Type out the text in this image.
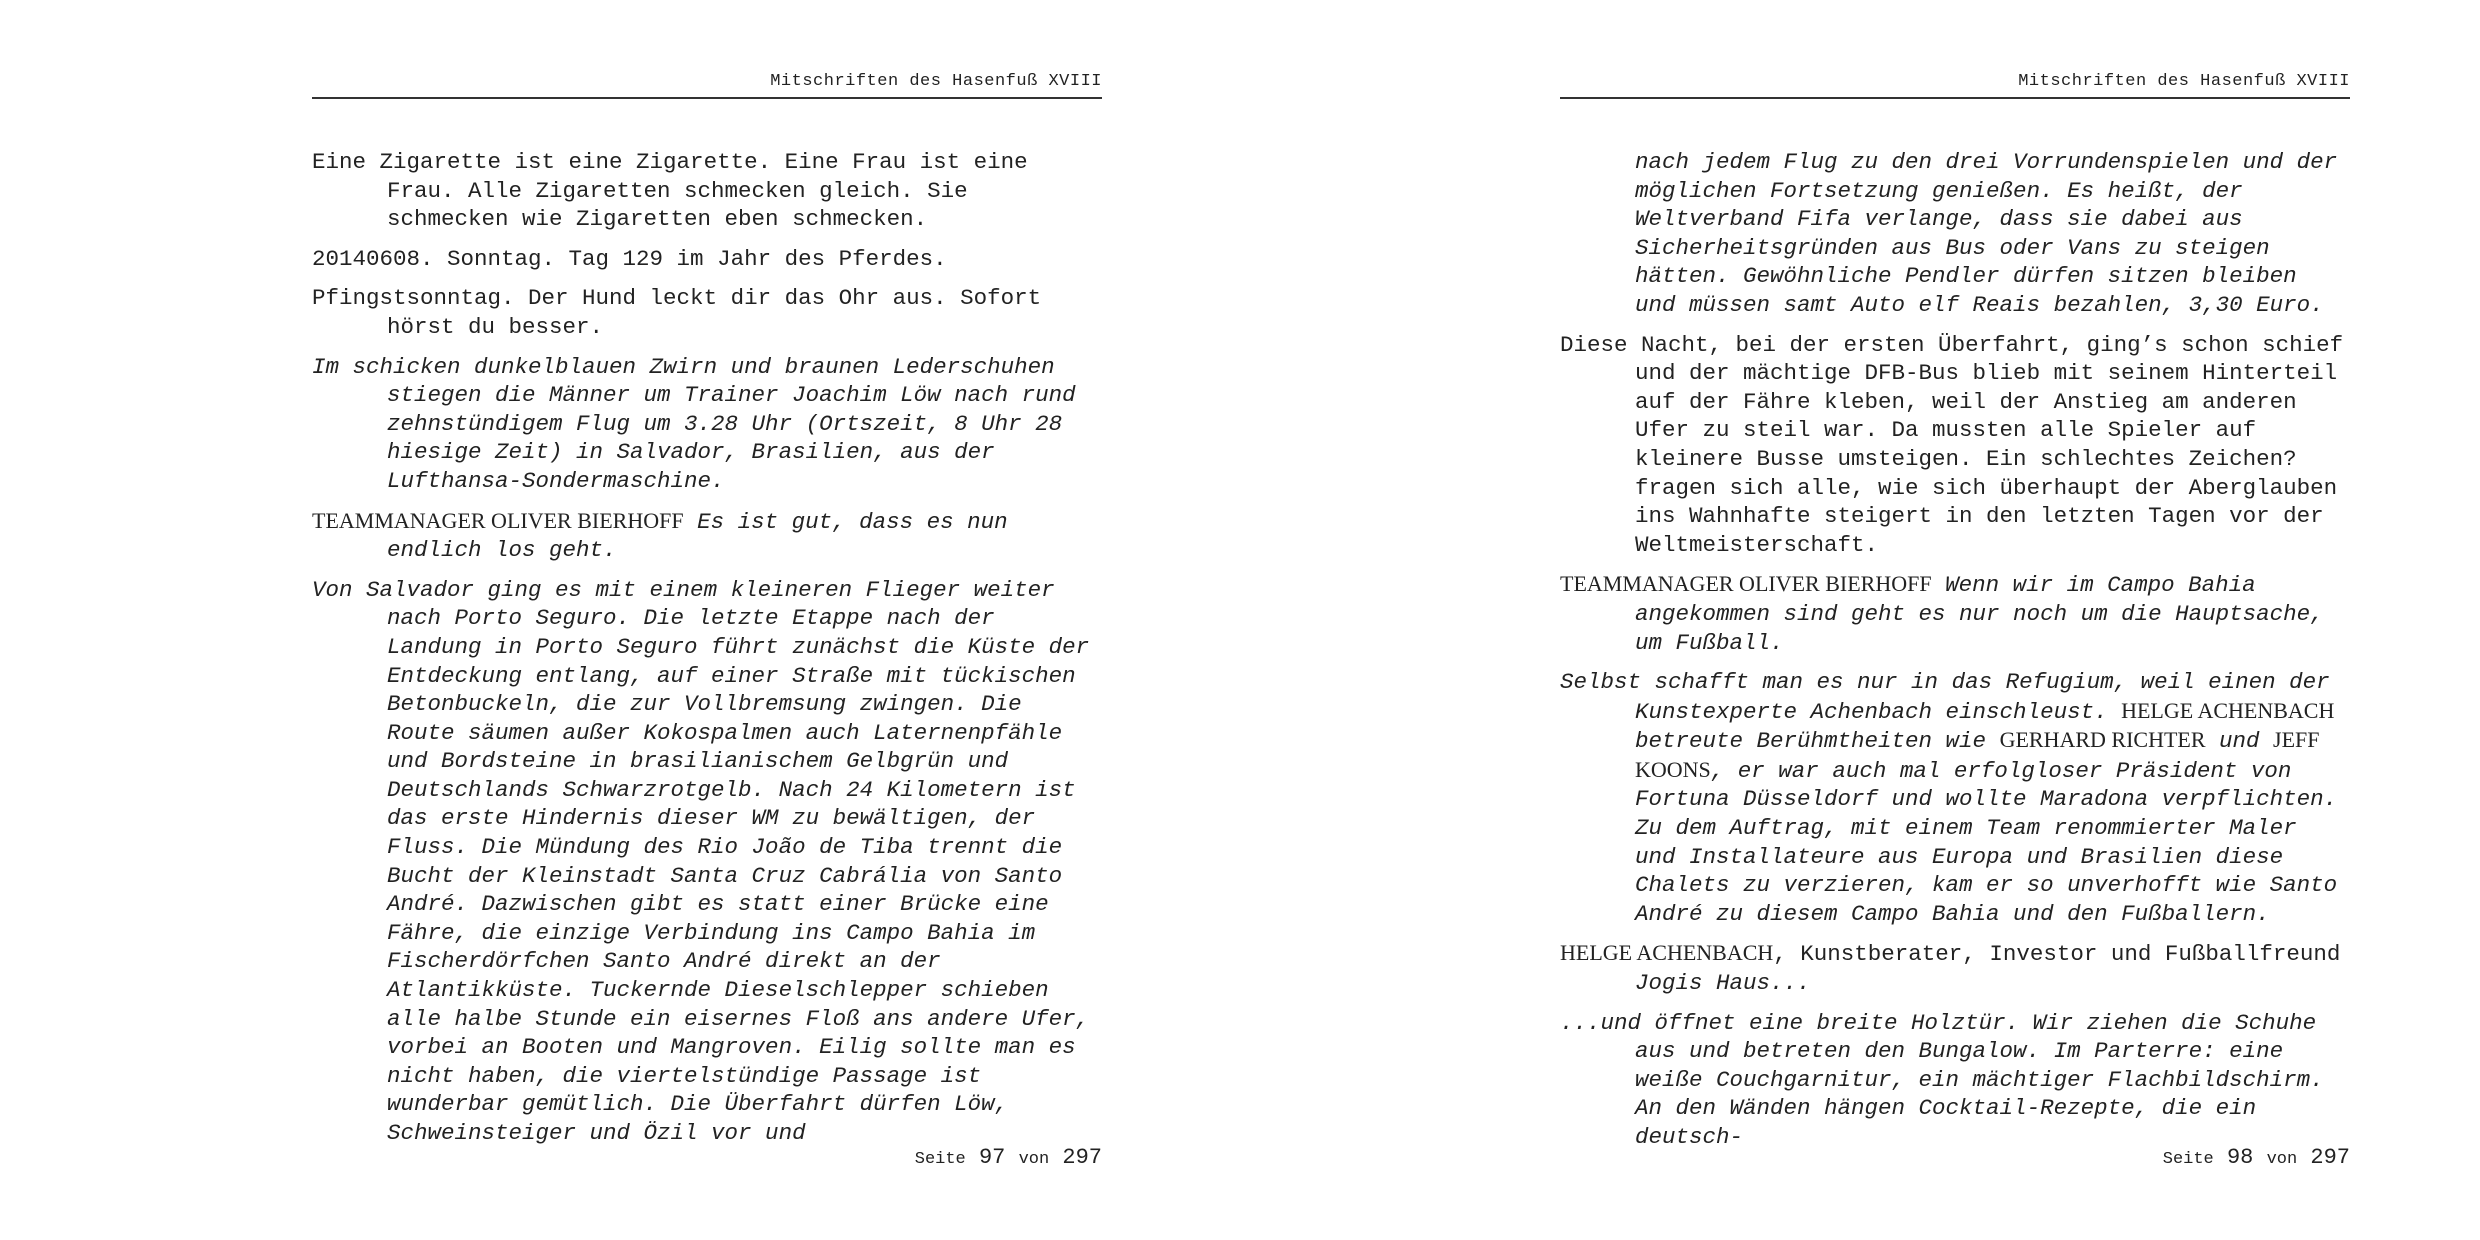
Mitschriften des Hasenfuß XVIII

Eine Zigarette ist eine Zigarette. Eine Frau ist eine Frau. Alle Zigaretten schmecken gleich. Sie schmecken wie Zigaretten eben schmecken.

20140608. Sonntag. Tag 129 im Jahr des Pferdes.

Pfingstsonntag. Der Hund leckt dir das Ohr aus. Sofort hörst du besser.

Im schicken dunkelblauen Zwirn und braunen Lederschuhen stiegen die Männer um Trainer Joachim Löw nach rund zehnstündigem Flug um 3.28 Uhr (Ortszeit, 8 Uhr 28 hiesige Zeit) in Salvador, Brasilien, aus der Lufthansa-Sondermaschine.

TEAMMANAGER OLIVER BIERHOFF Es ist gut, dass es nun endlich los geht.

Von Salvador ging es mit einem kleineren Flieger weiter nach Porto Seguro. Die letzte Etappe nach der Landung in Porto Seguro führt zunächst die Küste der Entdeckung entlang, auf einer Straße mit tückischen Betonbuckeln, die zur Vollbremsung zwingen. Die Route säumen außer Kokospalmen auch Laternenpfähle und Bordsteine in brasilianischem Gelbgrün und Deutschlands Schwarzrotgelb. Nach 24 Kilometern ist das erste Hindernis dieser WM zu bewältigen, der Fluss. Die Mündung des Rio João de Tiba trennt die Bucht der Kleinstadt Santa Cruz Cabrália von Santo André. Dazwischen gibt es statt einer Brücke eine Fähre, die einzige Verbindung ins Campo Bahia im Fischerdörfchen Santo André direkt an der Atlantikküste. Tuckernde Dieselschlepper schieben alle halbe Stunde ein eisernes Floß ans andere Ufer, vorbei an Booten und Mangroven. Eilig sollte man es nicht haben, die viertelstündige Passage ist wunderbar gemütlich. Die Überfahrt dürfen Löw, Schweinsteiger und Özil vor und

Seite 97 von 297
Mitschriften des Hasenfuß XVIII

nach jedem Flug zu den drei Vorrundenspielen und der möglichen Fortsetzung genießen. Es heißt, der Weltverband Fifa verlange, dass sie dabei aus Sicherheitsgründen aus Bus oder Vans zu steigen hätten. Gewöhnliche Pendler dürfen sitzen bleiben und müssen samt Auto elf Reais bezahlen, 3,30 Euro.

Diese Nacht, bei der ersten Überfahrt, ging’s schon schief und der mächtige DFB-Bus blieb mit seinem Hinterteil auf der Fähre kleben, weil der Anstieg am anderen Ufer zu steil war. Da mussten alle Spieler auf kleinere Busse umsteigen. Ein schlechtes Zeichen? fragen sich alle, wie sich überhaupt der Aberglauben ins Wahnhafte steigert in den letzten Tagen vor der Weltmeisterschaft.

TEAMMANAGER OLIVER BIERHOFF Wenn wir im Campo Bahia angekommen sind geht es nur noch um die Hauptsache, um Fußball.

Selbst schafft man es nur in das Refugium, weil einen der Kunstexperte Achenbach einschleust. HELGE ACHENBACH betreute Berühmtheiten wie GERHARD RICHTER und JEFF KOONS, er war auch mal erfolgloser Präsident von Fortuna Düsseldorf und wollte Maradona verpflichten. Zu dem Auftrag, mit einem Team renommierter Maler und Installateure aus Europa und Brasilien diese Chalets zu verzieren, kam er so unverhofft wie Santo André zu diesem Campo Bahia und den Fußballern.

HELGE ACHENBACH, Kunstberater, Investor und Fußballfreund Jogis Haus...

...und öffnet eine breite Holztür. Wir ziehen die Schuhe aus und betreten den Bungalow. Im Parterre: eine weiße Couchgarnitur, ein mächtiger Flachbildschirm. An den Wänden hängen Cocktail-Rezepte, die ein deutsch-

Seite 98 von 297
